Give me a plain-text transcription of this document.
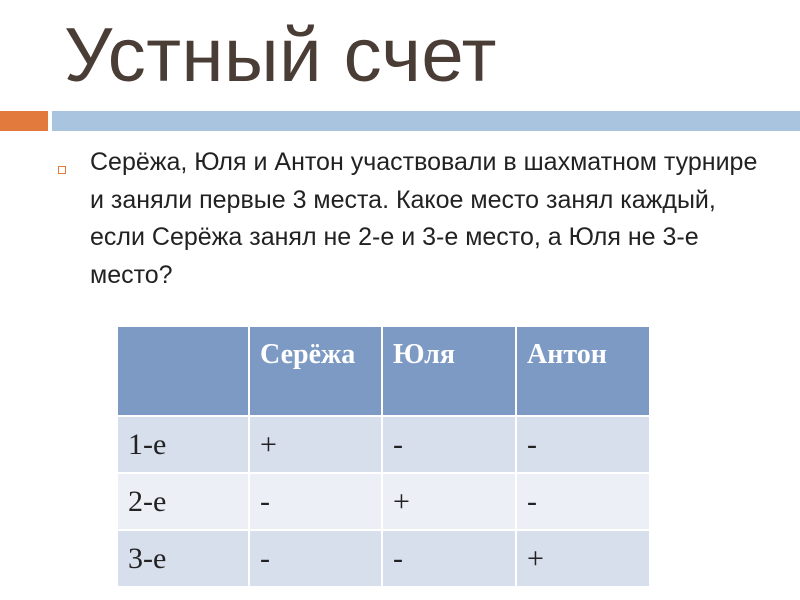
Устный счет
Серёжа, Юля и Антон участвовали в шахматном турнире и заняли первые 3 места. Какое место занял каждый, если Серёжа занял не 2-е и 3-е место, а Юля не 3-е место?
	Серёжа	Юля	Антон
1-е	+	-	-
2-е	-	+	-
3-е	-	-	+
